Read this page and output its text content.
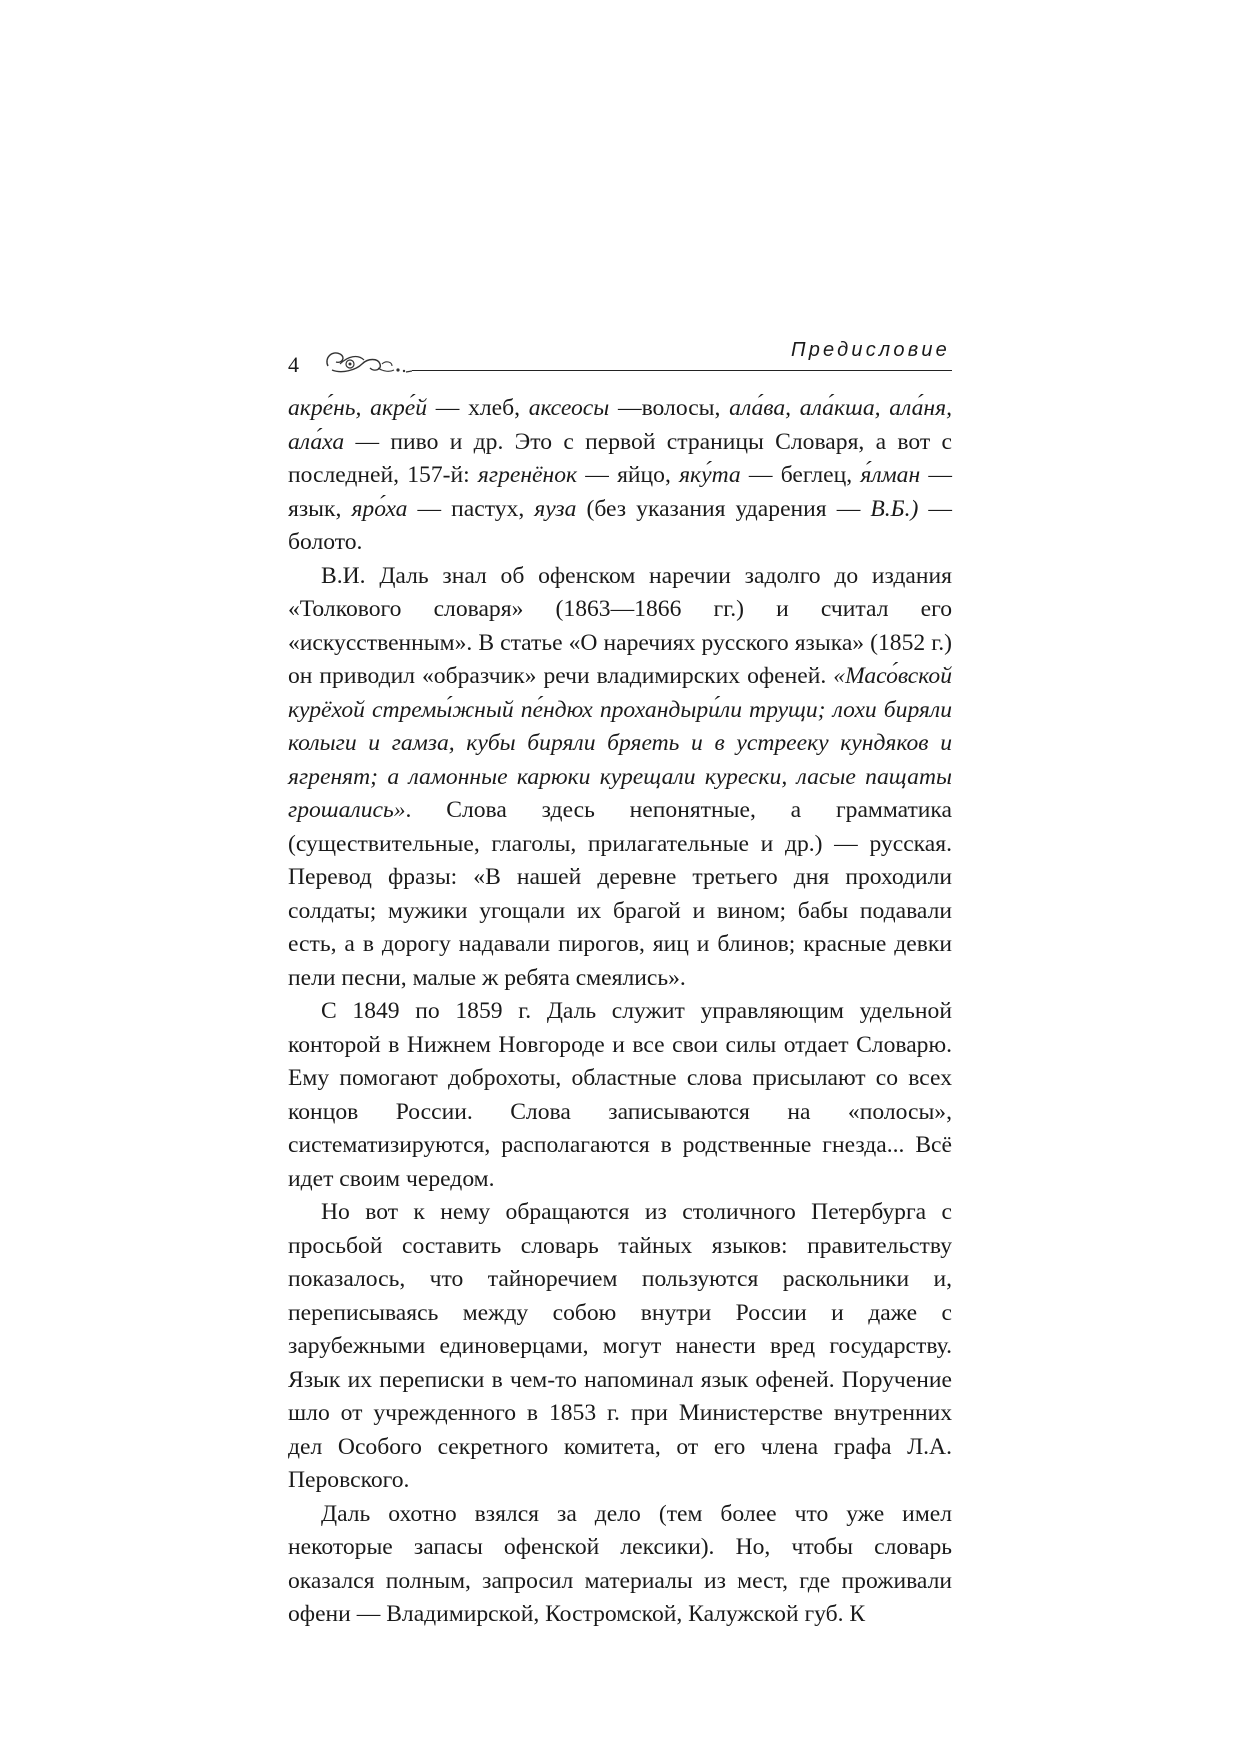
4
Предисловие

акре́нь, акре́й — хлеб, аксеосы —волосы, ала́ва, ала́кша, ала́ня, ала́ха — пиво и др. Это с первой страницы Словаря, а вот с последней, 157-й: ягренёнок — яйцо, яку́та — беглец, я́лман — язык, яро́ха — пастух, яуза (без указания ударения — В.Б.) — болото.

В.И. Даль знал об офенском наречии задолго до издания «Толкового словаря» (1863—1866 гг.) и считал его «искусственным». В статье «О наречиях русского языка» (1852 г.) он приводил «образчик» речи владимирских офеней. «Масо́вской курёхой стремы́жный пе́ндюх прохандыри́ли трущи; лохи биряли колыги и гамза, кубы биряли бряеть и в устрееку кундяков и ягренят; а ламонные карюки курещали курески, ласые пащаты грошались». Слова здесь непонятные, а грамматика (существительные, глаголы, прилагательные и др.) — русская. Перевод фразы: «В нашей деревне третьего дня проходили солдаты; мужики угощали их брагой и вином; бабы подавали есть, а в дорогу надавали пирогов, яиц и блинов; красные девки пели песни, малые ж ребята смеялись».

С 1849 по 1859 г. Даль служит управляющим удельной конторой в Нижнем Новгороде и все свои силы отдает Словарю. Ему помогают доброхоты, областные слова присылают со всех концов России. Слова записываются на «полосы», систематизируются, располагаются в родственные гнезда... Всё идет своим чередом.

Но вот к нему обращаются из столичного Петербурга с просьбой составить словарь тайных языков: правительству показалось, что тайноречием пользуются раскольники и, переписываясь между собою внутри России и даже с зарубежными единоверцами, могут нанести вред государству. Язык их переписки в чем-то напоминал язык офеней. Поручение шло от учрежденного в 1853 г. при Министерстве внутренних дел Особого секретного комитета, от его члена графа Л.А. Перовского.

Даль охотно взялся за дело (тем более что уже имел некоторые запасы офенской лексики). Но, чтобы словарь оказался полным, запросил материалы из мест, где проживали офени — Владимирской, Костромской, Калужской губ. К
